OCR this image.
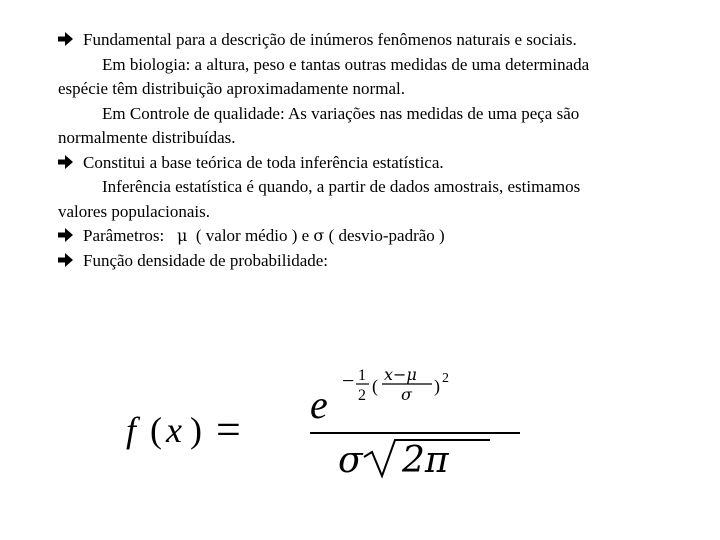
Fundamental para a descrição de inúmeros fenômenos naturais e sociais.

Em biologia: a altura, peso e tantas outras medidas de uma determinada espécie têm distribuição aproximadamente normal.

Em Controle de qualidade: As variações nas medidas de uma peça são normalmente distribuídas.

Constitui a base teórica de toda inferência estatística.

Inferência estatística é quando, a partir de dados amostrais, estimamos valores populacionais.

Parâmetros: μ ( valor médio ) e σ ( desvio-padrão )

Função densidade de probabilidade:

f ( x ) =
e
− 1
2 (
x−μ
σ ) 2
σ 2π
